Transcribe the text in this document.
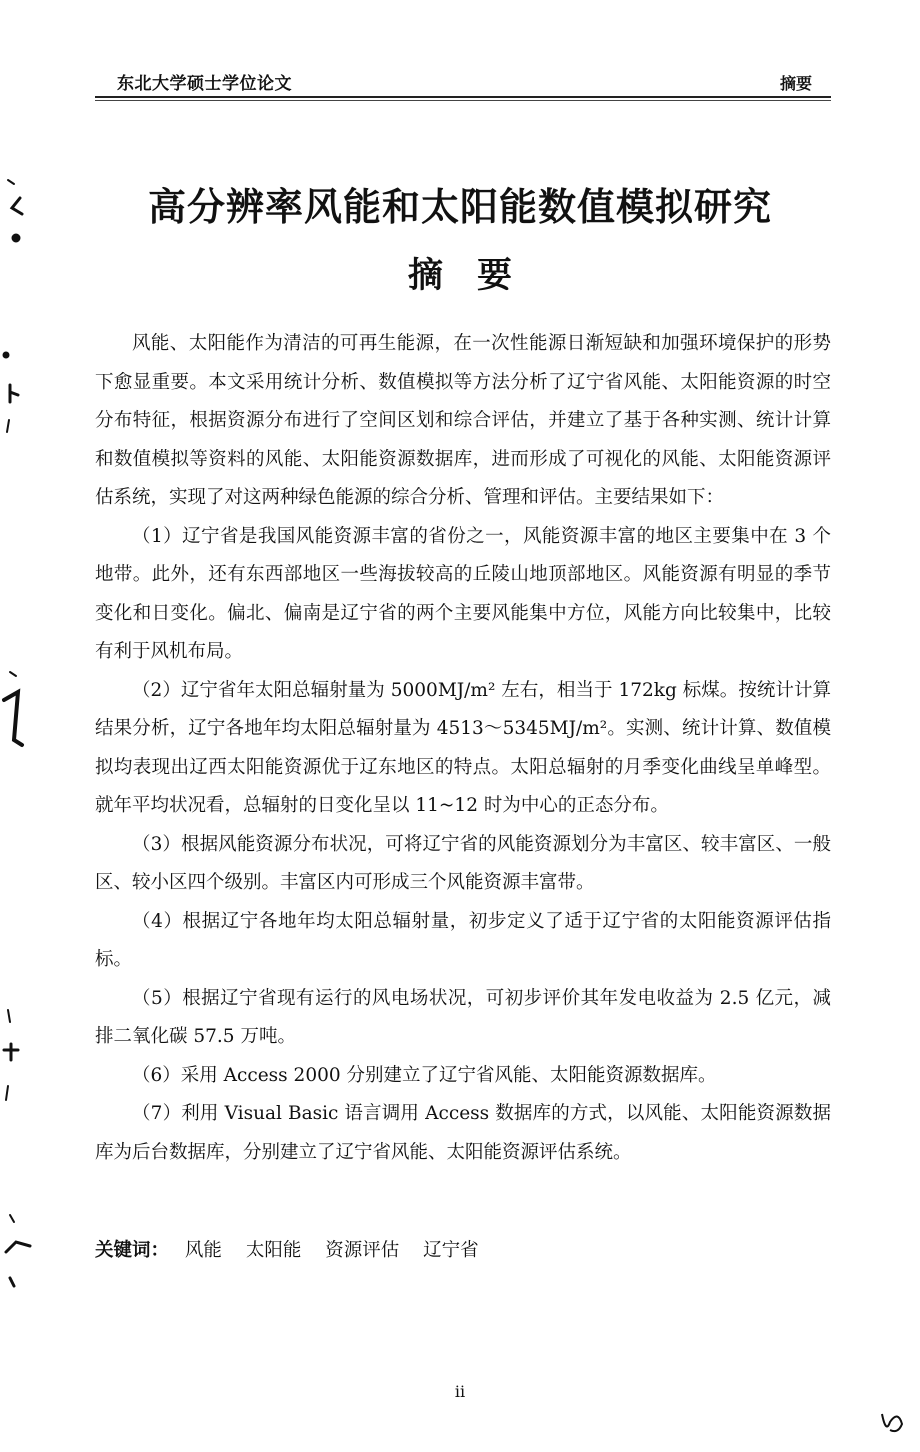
东北大学硕士学位论文	摘要
高分辨率风能和太阳能数值模拟研究
摘要

风能、太阳能作为清洁的可再生能源，在一次性能源日渐短缺和加强环境保护的形势下愈显重要。本文采用统计分析、数值模拟等方法分析了辽宁省风能、太阳能资源的时空分布特征，根据资源分布进行了空间区划和综合评估，并建立了基于各种实测、统计计算和数值模拟等资料的风能、太阳能资源数据库，进而形成了可视化的风能、太阳能资源评估系统，实现了对这两种绿色能源的综合分析、管理和评估。主要结果如下：

（1）辽宁省是我国风能资源丰富的省份之一，风能资源丰富的地区主要集中在 3 个地带。此外，还有东西部地区一些海拔较高的丘陵山地顶部地区。风能资源有明显的季节变化和日变化。偏北、偏南是辽宁省的两个主要风能集中方位，风能方向比较集中，比较有利于风机布局。

（2）辽宁省年太阳总辐射量为 5000MJ/m² 左右，相当于 172kg 标煤。按统计计算结果分析，辽宁各地年均太阳总辐射量为 4513～5345MJ/m²。实测、统计计算、数值模拟均表现出辽西太阳能资源优于辽东地区的特点。太阳总辐射的月季变化曲线呈单峰型。就年平均状况看，总辐射的日变化呈以 11~12 时为中心的正态分布。

（3）根据风能资源分布状况，可将辽宁省的风能资源划分为丰富区、较丰富区、一般区、较小区四个级别。丰富区内可形成三个风能资源丰富带。

（4）根据辽宁各地年均太阳总辐射量，初步定义了适于辽宁省的太阳能资源评估指标。

（5）根据辽宁省现有运行的风电场状况，可初步评价其年发电收益为 2.5 亿元，减排二氧化碳 57.5 万吨。

（6）采用 Access 2000 分别建立了辽宁省风能、太阳能资源数据库。

（7）利用 Visual Basic 语言调用 Access 数据库的方式，以风能、太阳能资源数据库为后台数据库，分别建立了辽宁省风能、太阳能资源评估系统。

关键词： 风能 太阳能 资源评估 辽宁省
ii
